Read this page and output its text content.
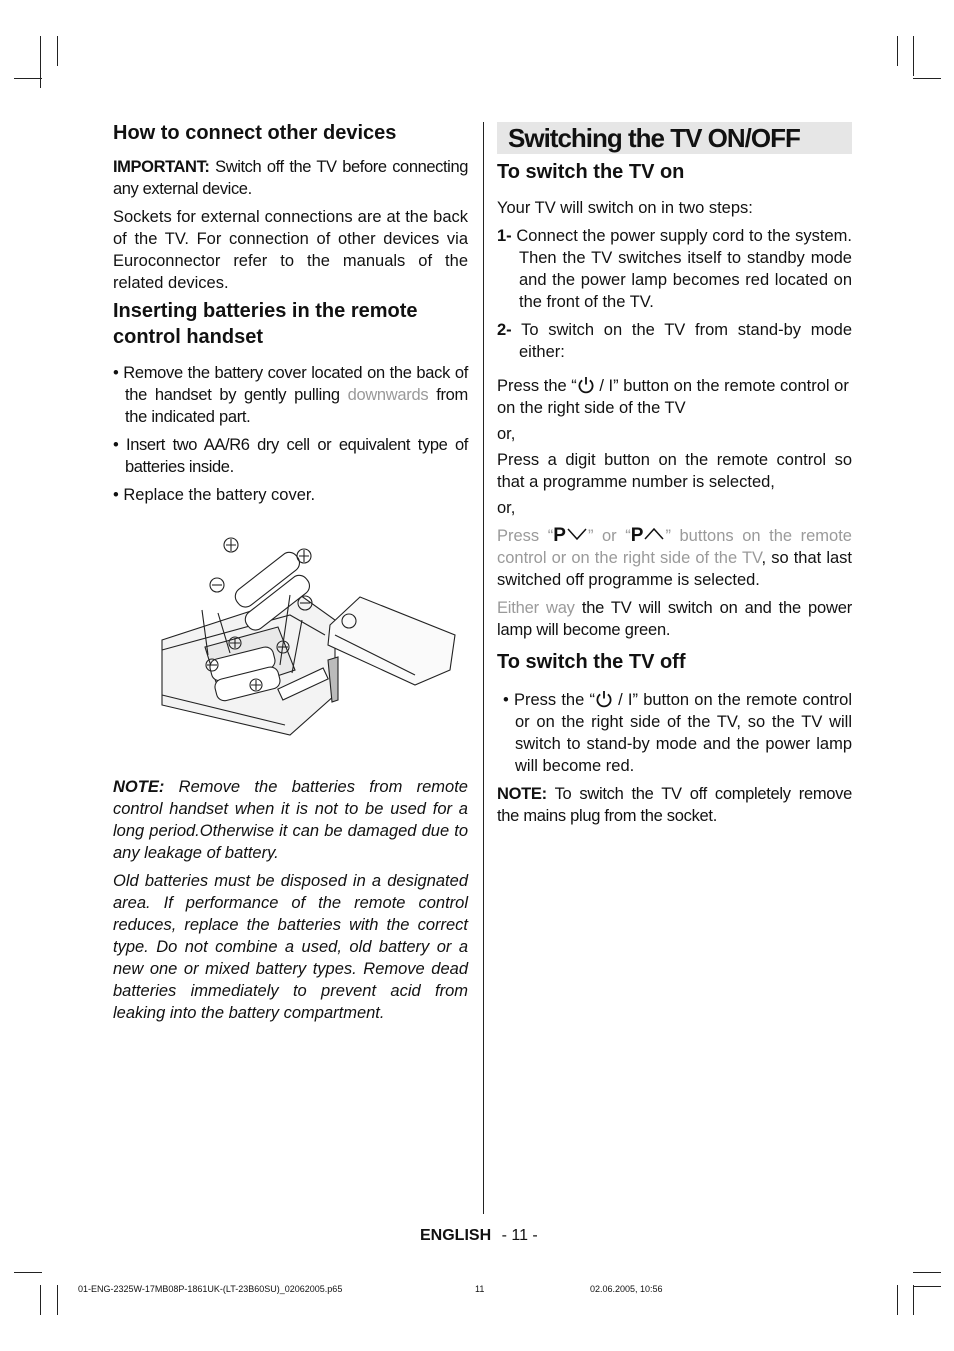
How to connect other devices

IMPORTANT: Switch off the TV before connecting any external device.

Sockets for external connections are at the back of the TV. For connection of other devices via Euroconnector refer to the manuals of the related devices.

Inserting batteries in the remote control handset

• Remove the battery cover located on the back of the handset by gently pulling downwards from the indicated part.

• Insert two AA/R6 dry cell or equivalent type of batteries inside.

• Replace the battery cover.

NOTE: Remove the batteries from remote control handset when it is not to be used for a long period.Otherwise it can be damaged due to any leakage of battery.

Old batteries must be disposed in a designated area. If performance of the remote control reduces, replace the batteries with the correct type. Do not combine a used, old battery or a new one or mixed battery types. Remove dead batteries immediately to prevent acid from leaking into the battery compartment.

Switching the TV ON/OFF
To switch the TV on

Your TV will switch on in two steps:

1- Connect the power supply cord to the system. Then the TV switches itself to standby mode and the power lamp becomes red located on the front of the TV.

2- To switch on the TV from stand-by mode either:

Press the “ / I” button on the remote control or on the right side of the TV

or,

Press a digit button on the remote control so that a programme number is selected,

or,

Press “P ” or “P ” buttons on the remote control or on the right side of the TV, so that last switched off programme is selected.

Either way the TV will switch on and the power lamp will become green.

To switch the TV off

• Press the “ / I” button on the remote control or on the right side of the TV, so the TV will switch to stand-by mode and the power lamp will become red.

NOTE: To switch the TV off completely remove the mains plug from the socket.

ENGLISH - 11 -
01-ENG-2325W-17MB08P-1861UK-(LT-23B60SU)_02062005.p65	11	02.06.2005, 10:56
